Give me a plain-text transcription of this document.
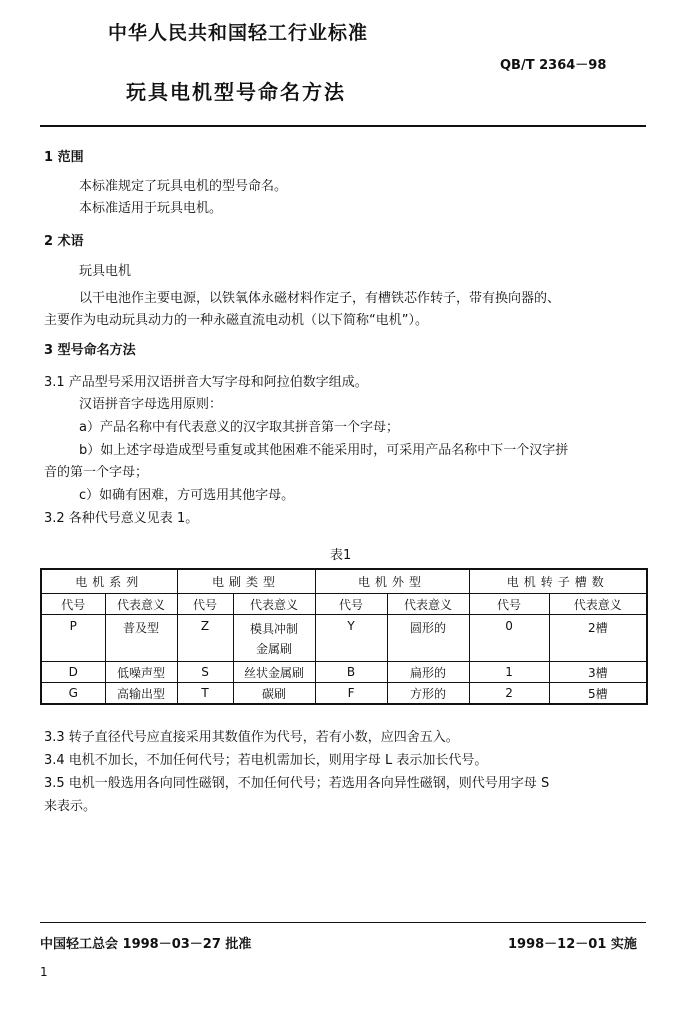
中华人民共和国轻工行业标准
QB/T 2364－98
玩具电机型号命名方法
1 范围
本标准规定了玩具电机的型号命名。
本标准适用于玩具电机。
2 术语
玩具电机
以干电池作主要电源，以铁氧体永磁材料作定子，有槽铁芯作转子，带有换向器的、
主要作为电动玩具动力的一种永磁直流电动机（以下简称“电机”）。
3 型号命名方法
3.1 产品型号采用汉语拼音大写字母和阿拉伯数字组成。
汉语拼音字母选用原则：
a）产品名称中有代表意义的汉字取其拼音第一个字母；
b）如上述字母造成型号重复或其他困难不能采用时，可采用产品名称中下一个汉字拼
音的第一个字母；
c）如确有困难，方可选用其他字母。
3.2 各种代号意义见表 1。
表1
电机系列		电刷类型		电机外型		电机转子槽数	
代号	代表意义	代号	代表意义	代号	代表意义	代号	代表意义
P	普及型	Z	模具冲制
金属刷	Y	圆形的	0	2槽
D	低噪声型	S	丝状金属刷	B	扁形的	1	3槽
G	高输出型	T	碳刷	F	方形的	2	5槽
3.3 转子直径代号应直接采用其数值作为代号，若有小数，应四舍五入。
3.4 电机不加长，不加任何代号；若电机需加长，则用字母 L 表示加长代号。
3.5 电机一般选用各向同性磁钢，不加任何代号；若选用各向异性磁钢，则代号用字母 S
来表示。
中国轻工总会 1998－03－27 批准	1998－12－01 实施
1
